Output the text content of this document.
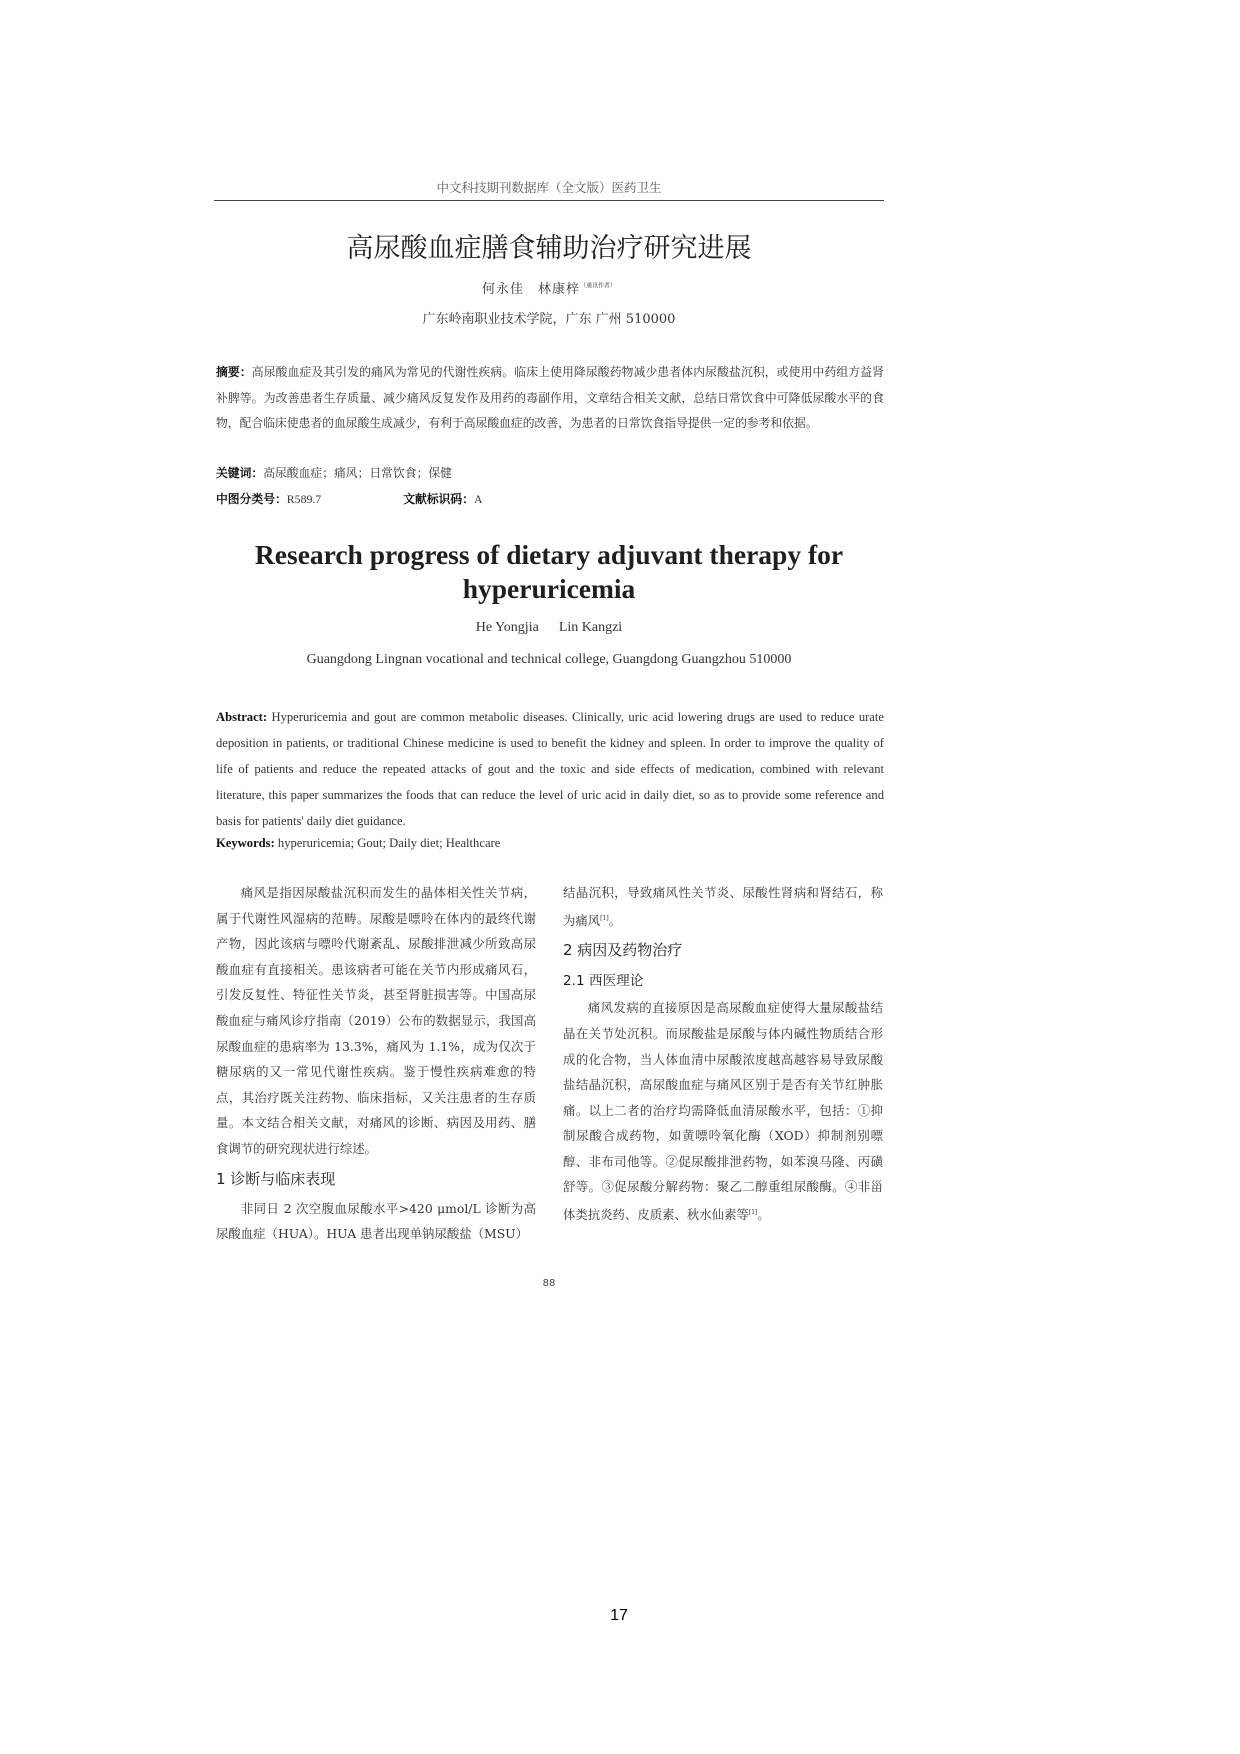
中文科技期刊数据库（全文版）医药卫生
高尿酸血症膳食辅助治疗研究进展
何永佳　林康梓$^{(通讯作者)}$
广东岭南职业技术学院，广东 广州 510000
摘要：高尿酸血症及其引发的痛风为常见的代谢性疾病。临床上使用降尿酸药物减少患者体内尿酸盐沉积，或使用中药组方益肾补脾等。为改善患者生存质量、减少痛风反复发作及用药的毒副作用，文章结合相关文献，总结日常饮食中可降低尿酸水平的食物，配合临床使患者的血尿酸生成减少，有利于高尿酸血症的改善，为患者的日常饮食指导提供一定的参考和依据。
关键词：高尿酸血症；痛风；日常饮食；保健
中图分类号：R589.7	文献标识码：A
Research progress of dietary adjuvant therapy for hyperuricemia
He Yongjia Lin Kangzi
Guangdong Lingnan vocational and technical college, Guangdong Guangzhou 510000
Abstract: Hyperuricemia and gout are common metabolic diseases. Clinically, uric acid lowering drugs are used to reduce urate deposition in patients, or traditional Chinese medicine is used to benefit the kidney and spleen. In order to improve the quality of life of patients and reduce the repeated attacks of gout and the toxic and side effects of medication, combined with relevant literature, this paper summarizes the foods that can reduce the level of uric acid in daily diet, so as to provide some reference and basis for patients' daily diet guidance.
Keywords: hyperuricemia; Gout; Daily diet; Healthcare

痛风是指因尿酸盐沉积而发生的晶体相关性关节病，属于代谢性风湿病的范畴。尿酸是嘌呤在体内的最终代谢产物，因此该病与嘌呤代谢紊乱、尿酸排泄减少所致高尿酸血症有直接相关。患该病者可能在关节内形成痛风石，引发反复性、特征性关节炎，甚至肾脏损害等。中国高尿酸血症与痛风诊疗指南（2019）公布的数据显示，我国高尿酸血症的患病率为 13.3%，痛风为 1.1%，成为仅次于糖尿病的又一常见代谢性疾病。鉴于慢性疾病难愈的特点，其治疗既关注药物、临床指标，又关注患者的生存质量。本文结合相关文献，对痛风的诊断、病因及用药、膳食调节的研究现状进行综述。

1 诊断与临床表现

非同日 2 次空腹血尿酸水平>420 μmol/L 诊断为高尿酸血症（HUA）。HUA 患者出现单钠尿酸盐（MSU）

结晶沉积，导致痛风性关节炎、尿酸性肾病和肾结石，称为痛风[1]。

2 病因及药物治疗

2.1 西医理论

痛风发病的直接原因是高尿酸血症使得大量尿酸盐结晶在关节处沉积。而尿酸盐是尿酸与体内碱性物质结合形成的化合物，当人体血清中尿酸浓度越高越容易导致尿酸盐结晶沉积，高尿酸血症与痛风区别于是否有关节红肿胀痛。以上二者的治疗均需降低血清尿酸水平，包括：①抑制尿酸合成药物，如黄嘌呤氧化酶（XOD）抑制剂别嘌醇、非布司他等。②促尿酸排泄药物，如苯溴马隆、丙磺舒等。③促尿酸分解药物：聚乙二醇重组尿酸酶。④非甾体类抗炎药、皮质素、秋水仙素等[1]。

88
17
